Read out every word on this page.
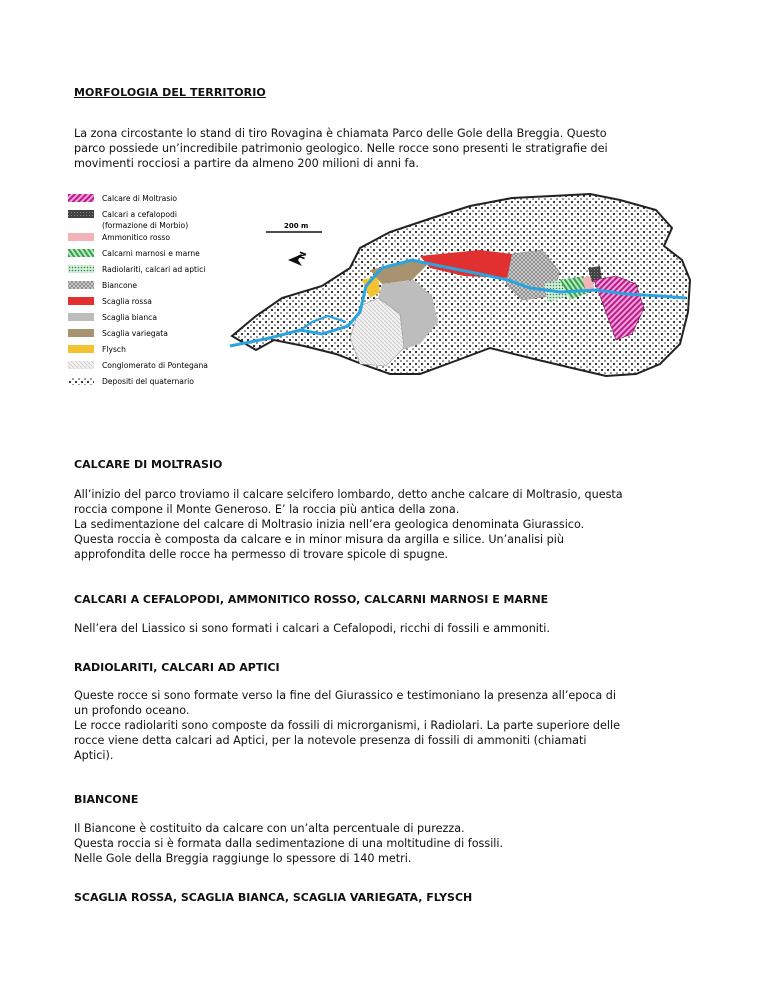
MORFOLOGIA DEL TERRITORIO
La zona circostante lo stand di tiro Rovagina è chiamata Parco delle Gole della Breggia. Questo
parco possiede un’incredibile patrimonio geologico. Nelle rocce sono presenti le stratigrafie dei
movimenti rocciosi a partire da almeno 200 milioni di anni fa.
Calcare di Moltrasio
Calcari a cefalopodi
(formazione di Morbio)
Ammonitico rosso
Calcarni marnosi e marne
Radiolariti, calcari ad aptici
Biancone
Scaglia rossa
Scaglia bianca
Scaglia variegata
Flysch
Conglomerato di Pontegana
Depositi del quaternario
200 m
N
CALCARE DI MOLTRASIO
All’inizio del parco troviamo il calcare selcifero lombardo, detto anche calcare di Moltrasio, questa
roccia compone il Monte Generoso. E’ la roccia più antica della zona.
La sedimentazione del calcare di Moltrasio inizia nell’era geologica denominata Giurassico.
Questa roccia è composta da calcare e in minor misura da argilla e silice. Un’analisi più
approfondita delle rocce ha permesso di trovare spicole di spugne.
CALCARI A CEFALOPODI, AMMONITICO ROSSO, CALCARNI MARNOSI E MARNE
Nell’era del Liassico si sono formati i calcari a Cefalopodi, ricchi di fossili e ammoniti.
RADIOLARITI, CALCARI AD APTICI
Queste rocce si sono formate verso la fine del Giurassico e testimoniano la presenza all’epoca di
un profondo oceano.
Le rocce radiolariti sono composte da fossili di microrganismi, i Radiolari. La parte superiore delle
rocce viene detta calcari ad Aptici, per la notevole presenza di fossili di ammoniti (chiamati
Aptici).
BIANCONE
Il Biancone è costituito da calcare con un’alta percentuale di purezza.
Questa roccia si è formata dalla sedimentazione di una moltitudine di fossili.
Nelle Gole della Breggia raggiunge lo spessore di 140 metri.
SCAGLIA ROSSA, SCAGLIA BIANCA, SCAGLIA VARIEGATA, FLYSCH
